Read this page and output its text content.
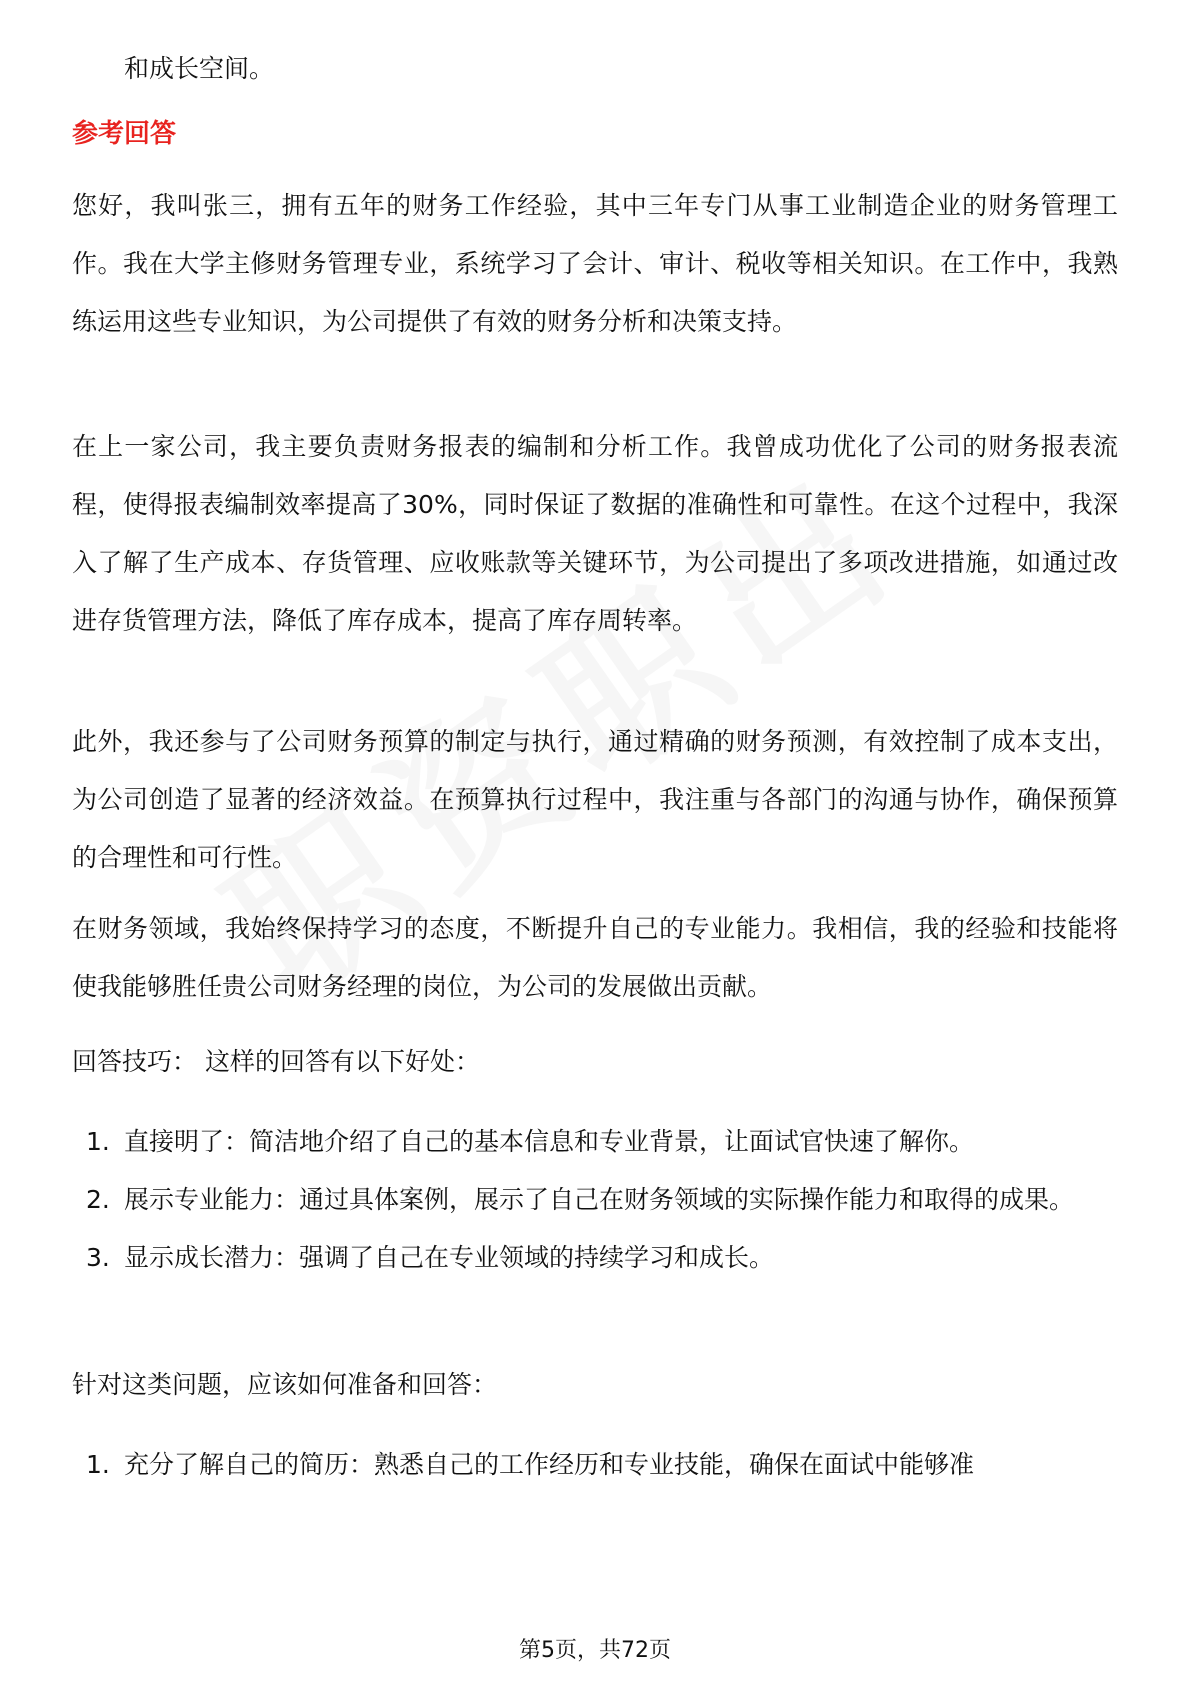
和成长空间。
参考回答
您好，我叫张三，拥有五年的财务工作经验，其中三年专门从事工业制造企业的财务管理工作。我在大学主修财务管理专业，系统学习了会计、审计、税收等相关知识。在工作中，我熟练运用这些专业知识，为公司提供了有效的财务分析和决策支持。
在上一家公司，我主要负责财务报表的编制和分析工作。我曾成功优化了公司的财务报表流程，使得报表编制效率提高了30%，同时保证了数据的准确性和可靠性。在这个过程中，我深入了解了生产成本、存货管理、应收账款等关键环节，为公司提出了多项改进措施，如通过改进存货管理方法，降低了库存成本，提高了库存周转率。
此外，我还参与了公司财务预算的制定与执行，通过精确的财务预测，有效控制了成本支出，为公司创造了显著的经济效益。在预算执行过程中，我注重与各部门的沟通与协作，确保预算的合理性和可行性。
在财务领域，我始终保持学习的态度，不断提升自己的专业能力。我相信，我的经验和技能将使我能够胜任贵公司财务经理的岗位，为公司的发展做出贡献。
回答技巧： 这样的回答有以下好处：
1. 直接明了：简洁地介绍了自己的基本信息和专业背景，让面试官快速了解你。
2. 展示专业能力：通过具体案例，展示了自己在财务领域的实际操作能力和取得的成果。
3. 显示成长潜力：强调了自己在专业领域的持续学习和成长。
针对这类问题，应该如何准备和回答：
1. 充分了解自己的简历：熟悉自己的工作经历和专业技能，确保在面试中能够准
第5页，共72页
